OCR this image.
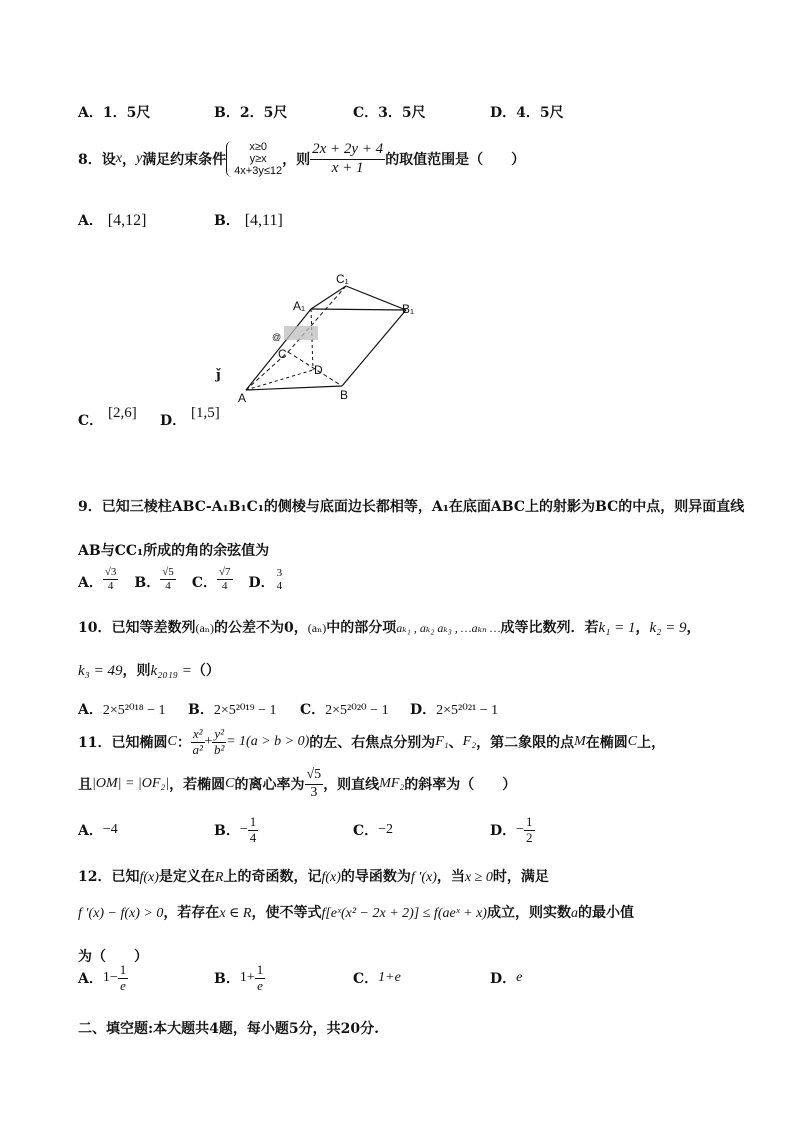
A．1．5尺	B．2．5尺	C．3．5尺	D．4．5尺
8．设 x ， y 满足约束条件
x≥0
y≥x
4x+3y≤12
，则 $\frac{2x + 2y + 4}{x + 1}$ 的取值范围是（　　）
A． [4,12]	B． [4,11]
C₁
A₁	B₁
@
C
D
A	B
ǰ
C． [2,6] D． [1,5]
9．已知三棱柱ABC-A₁B₁C₁的侧棱与底面边长都相等，A₁在底面ABC上的射影为BC的中点，则异面直线
AB与CC₁所成的角的余弦值为
A． $\frac{√3}{4}$ B． $\frac{√5}{4}$ C． $\frac{√7}{4}$ D．
3
4
10．已知等差数列(aₙ)的公差不为0，(aₙ)中的部分项aₖ₁ , aₖ₂ aₖ₃ , …aₖₙ …成等比数列．若k₁ = 1，k₂ = 9，
k₃ = 49，则k₂₀₁₉ =（）
A．2×5²⁰¹⁸ − 1 B．2×5²⁰¹⁹ − 1 C．2×5²⁰²⁰ − 1 D．2×5²⁰²¹ − 1
11．已知椭圆 C ： $\frac{\text{x²}}{\text{a²}} + \frac{\text{y²}}{\text{b²}} = 1(a > b > 0)$ 的左、右焦点分别为 F₁ 、 F₂ ，第二象限的点 M 在椭圆 C 上，
且 |OM| = |OF₂| ，若椭圆 C 的离心率为 $\frac{√5}{3}$ ，则直线 MF₂ 的斜率为（　　）
A． −4	B． − $\frac{1}{4}$	C． −2	D． − $\frac{1}{2}$
12．已知f(x)是定义在R上的奇函数，记f(x)的导函数为f ′(x)，当x ≥ 0时，满足
f ′(x) − f(x) > 0，若存在x ∈ R，使不等式f[eˣ(x² − 2x + 2)] ≤ f(aeˣ + x)成立，则实数a的最小值
为（　　）
A． $1- \frac{1}{e}$	B． $1+ \frac{1}{e}$	C． 1+e	D． e
二、填空题:本大题共4题，每小题5分，共20分.
